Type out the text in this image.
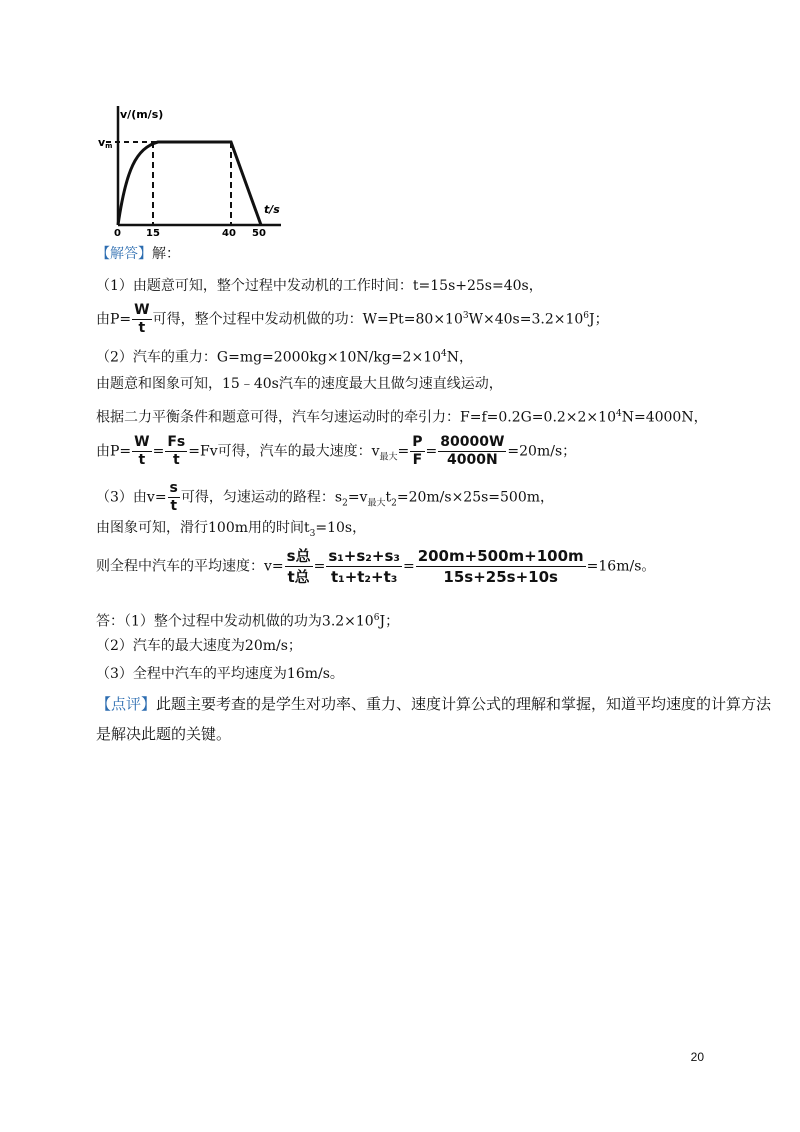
v/(m/s)
vm
t/s
0	15	40 50
【解答】解：
（1）由题意可知，整个过程中发动机的工作时间：t=15s+25s=40s，
由$P= \frac{W}{t}$ 可得，整个过程中发动机做的功：$W=Pt=80\times 10^3W\times 40s=3.2\times 10^6J$；
（2）汽车的重力：$G=mg=2000kg\times 10N/kg=2\times 10^4N$，
由题意和图象可知，15﹣40s汽车的速度最大且做匀速直线运动，
根据二力平衡条件和题意可得，汽车匀速运动时的牵引力：$F=f=0.2G=0.2\times 2\times 10^4N=4000N$，
由$P= \frac{W}{t} = \frac{Fs}{t} =Fv$可得，汽车的最大速度：$v_{最大}= \frac{P}{F} = \frac{80000W}{4000N} =20m/s$；
（3）由$v= \frac{s}{t}$ 可得，匀速运动的路程：$s_2=v_{最大}t_2=20m/s\times 25s=500m$，
由图象可知，滑行100m用的时间$t_3=10s$，
则全程中汽车的平均速度：$v= \frac{\text{s总}}{\text{t总}} = \frac{\text{s₁+s₂+s₃}}{\text{t₁+t₂+t₃}} = \frac{200m+500m+100m}{15s+25s+10s} =16m/s$。
答：（1）整个过程中发动机做的功为$3.2\times 10^6J$；
（2）汽车的最大速度为20m/s；
（3）全程中汽车的平均速度为16m/s。
【点评】此题主要考查的是学生对功率、重力、速度计算公式的理解和掌握，知道平均速度的计算方法
是解决此题的关键。
20
